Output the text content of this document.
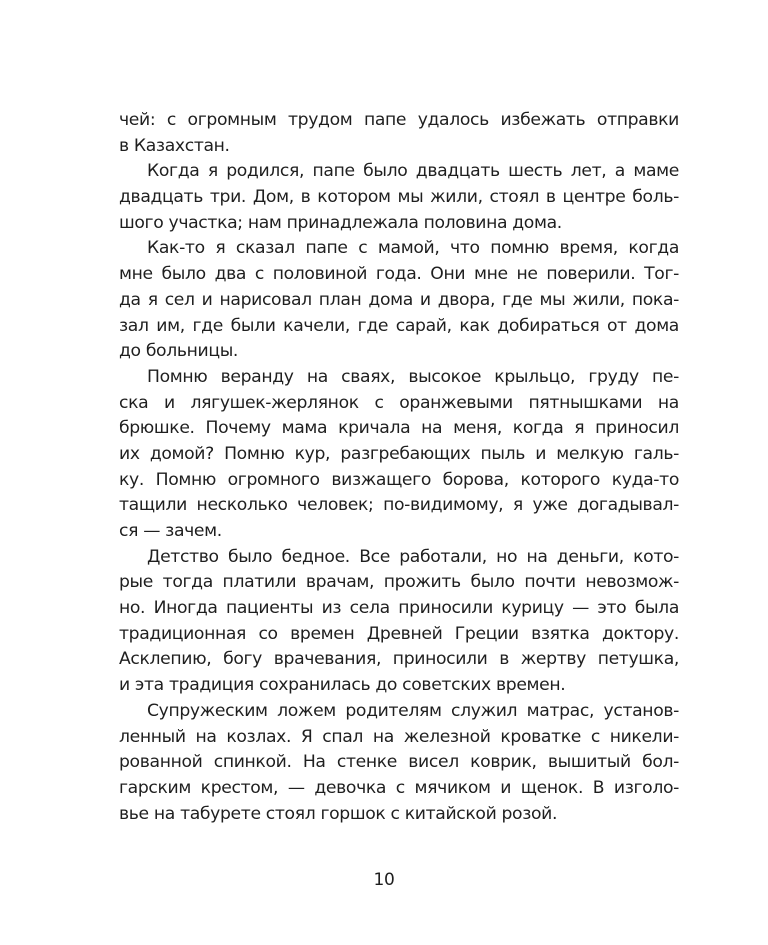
чей: с огромным трудом папе удалось избежать отправки
в Казахстан.
Когда я родился, папе было двадцать шесть лет, а маме
двадцать три. Дом, в котором мы жили, стоял в центре боль-
шого участка; нам принадлежала половина дома.
Как-то я сказал папе с мамой, что помню время, когда
мне было два с половиной года. Они мне не поверили. Тог-
да я сел и нарисовал план дома и двора, где мы жили, пока-
зал им, где были качели, где сарай, как добираться от дома
до больницы.
Помню веранду на сваях, высокое крыльцо, груду пе-
ска и лягушек-жерлянок с оранжевыми пятнышками на
брюшке. Почему мама кричала на меня, когда я приносил
их домой? Помню кур, разгребающих пыль и мелкую галь-
ку. Помню огромного визжащего борова, которого куда-то
тащили несколько человек; по-видимому, я уже догадывал-
ся — зачем.
Детство было бедное. Все работали, но на деньги, кото-
рые тогда платили врачам, прожить было почти невозмож-
но. Иногда пациенты из села приносили курицу — это была
традиционная со времен Древней Греции взятка доктору.
Асклепию, богу врачевания, приносили в жертву петушка,
и эта традиция сохранилась до советских времен.
Супружеским ложем родителям служил матрас, установ-
ленный на козлах. Я спал на железной кроватке с никели-
рованной спинкой. На стенке висел коврик, вышитый бол-
гарским крестом, — девочка с мячиком и щенок. В изголо-
вье на табурете стоял горшок с китайской розой.
10
